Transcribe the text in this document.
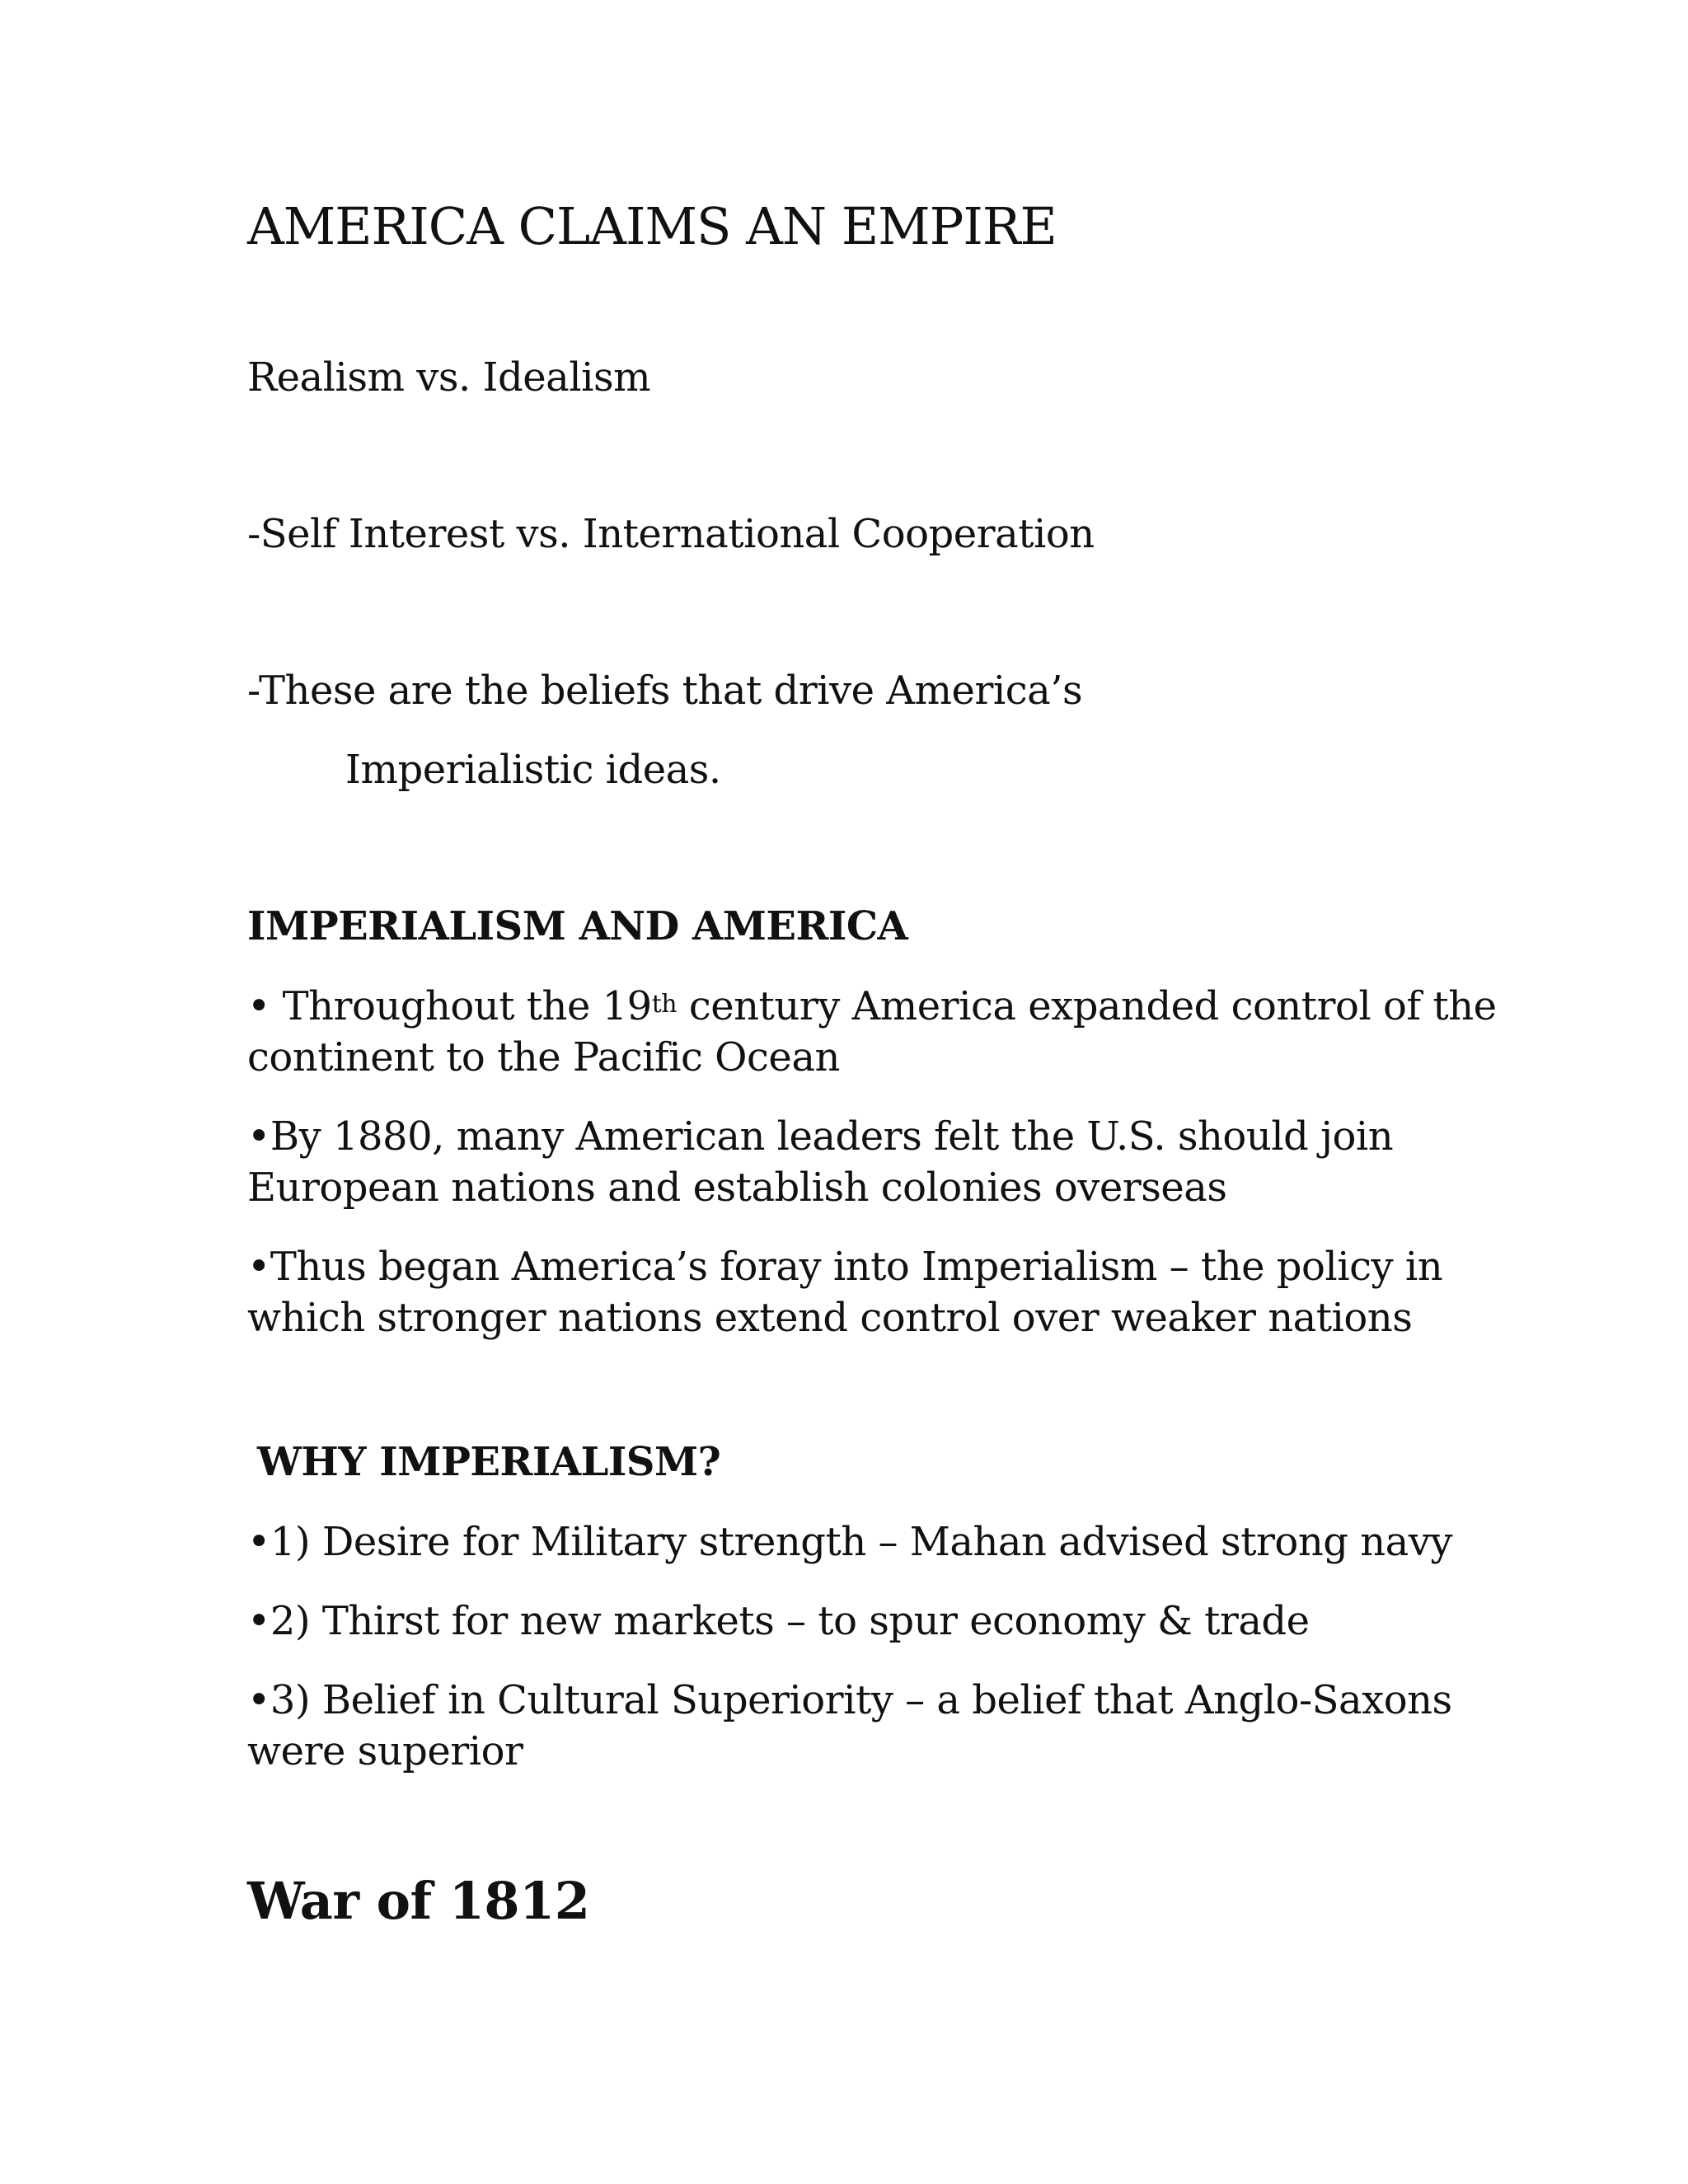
AMERICA CLAIMS AN EMPIRE

Realism vs. Idealism

-Self Interest vs. International Cooperation

-These are the beliefs that drive America’s

Imperialistic ideas.

IMPERIALISM AND AMERICA

• Throughout the 19th century America expanded control of the continent to the Pacific Ocean

•By 1880, many American leaders felt the U.S. should join European nations and establish colonies overseas

•Thus began America’s foray into Imperialism – the policy in which stronger nations extend control over weaker nations

WHY IMPERIALISM?

•1) Desire for Military strength – Mahan advised strong navy

•2) Thirst for new markets – to spur economy & trade

•3) Belief in Cultural Superiority – a belief that Anglo-Saxons were superior

War of 1812
